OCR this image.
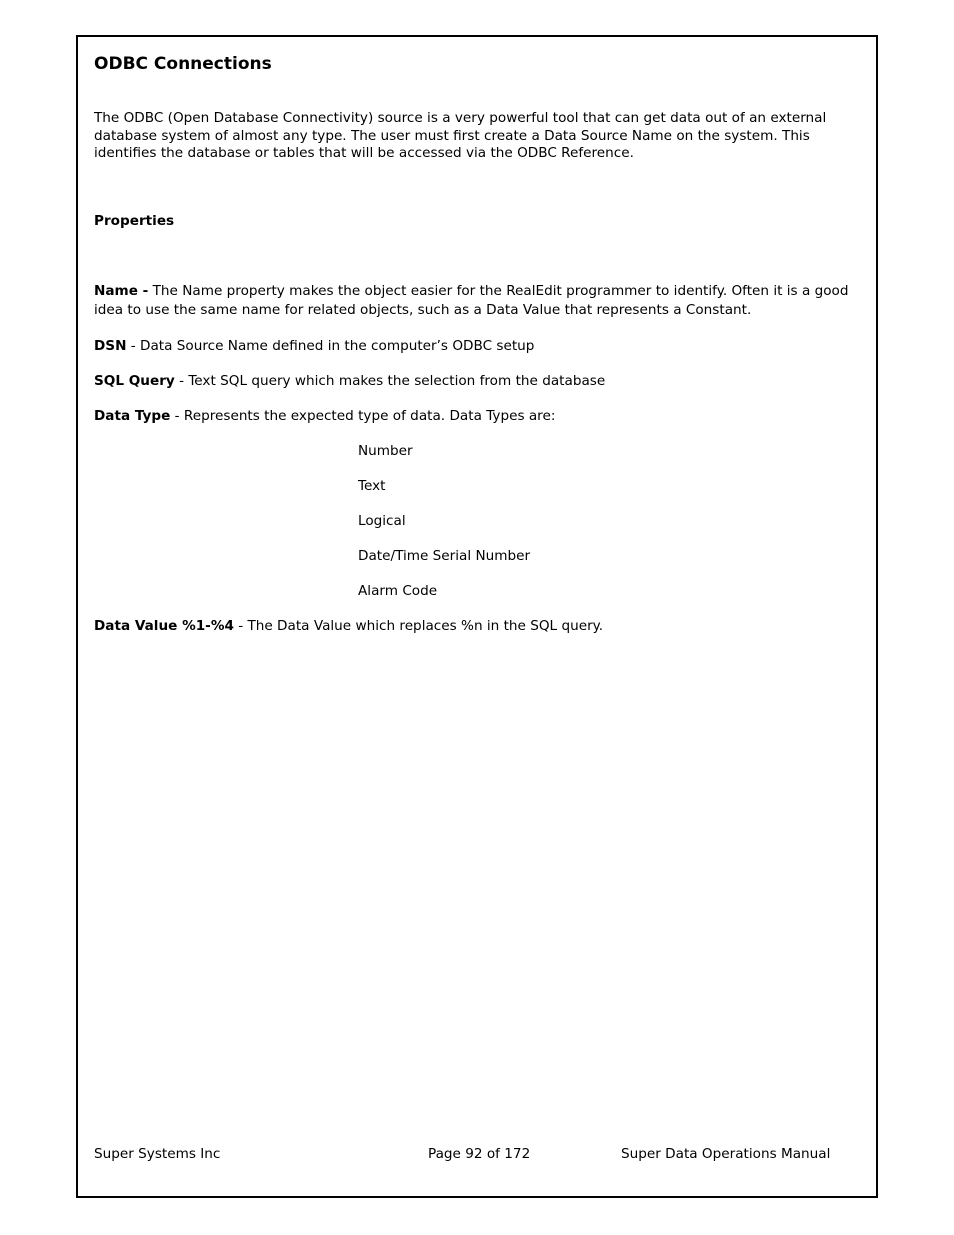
ODBC Connections

The ODBC (Open Database Connectivity) source is a very powerful tool that can get data out of an external database system of almost any type. The user must first create a Data Source Name on the system. This identifies the database or tables that will be accessed via the ODBC Reference.

Properties

Name - The Name property makes the object easier for the RealEdit programmer to identify. Often it is a good idea to use the same name for related objects, such as a Data Value that represents a Constant.

DSN - Data Source Name defined in the computer’s ODBC setup

SQL Query - Text SQL query which makes the selection from the database

Data Type - Represents the expected type of data. Data Types are:

Number
Text
Logical
Date/Time Serial Number
Alarm Code

Data Value %1-%4 - The Data Value which replaces %n in the SQL query.

Super Systems Inc	Page 92 of 172	Super Data Operations Manual
